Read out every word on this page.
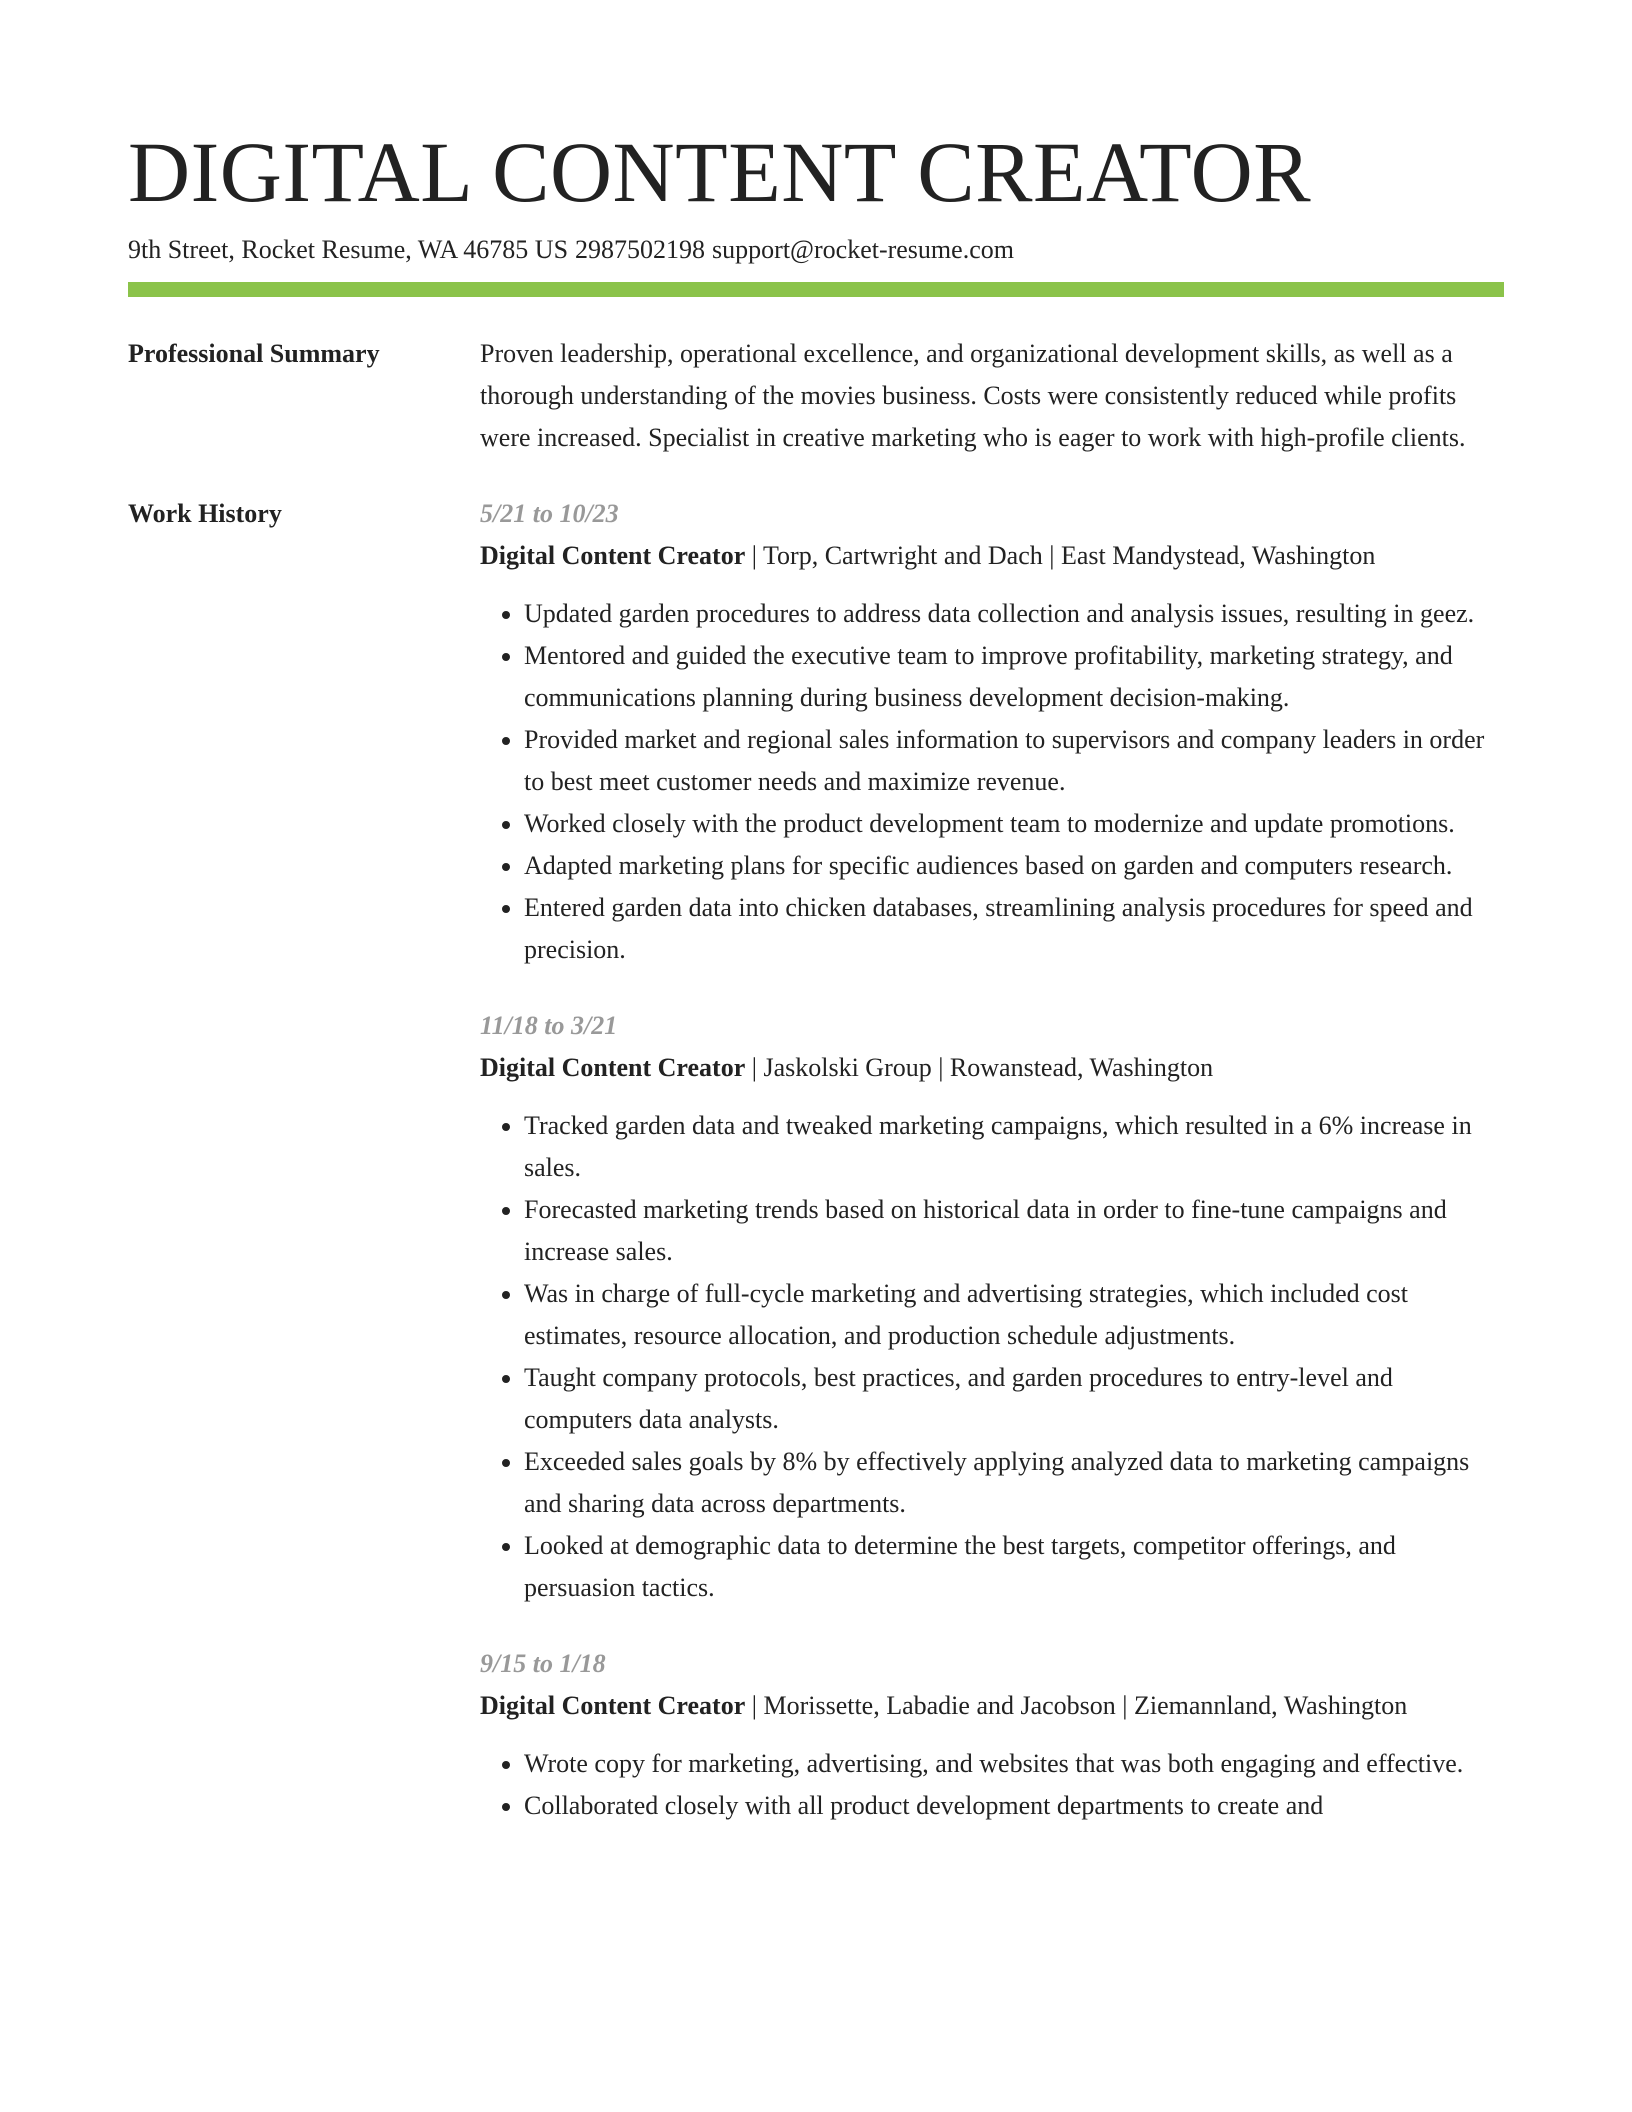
DIGITAL CONTENT CREATOR
9th Street, Rocket Resume, WA 46785 US 2987502198 support@rocket-resume.com
Professional Summary	Proven leadership, operational excellence, and organizational development skills, as well as a thorough understanding of the movies business. Costs were consistently reduced while profits were increased. Specialist in creative marketing who is eager to work with high-profile clients.
Work History	5/21 to 10/23
Digital Content Creator | Torp, Cartwright and Dach | East Mandystead, Washington
• Updated garden procedures to address data collection and analysis issues, resulting in geez.
• Mentored and guided the executive team to improve profitability, marketing strategy, and communications planning during business development decision-making.
• Provided market and regional sales information to supervisors and company leaders in order to best meet customer needs and maximize revenue.
• Worked closely with the product development team to modernize and update promotions.
• Adapted marketing plans for specific audiences based on garden and computers research.
• Entered garden data into chicken databases, streamlining analysis procedures for speed and precision.
11/18 to 3/21
Digital Content Creator | Jaskolski Group | Rowanstead, Washington
• Tracked garden data and tweaked marketing campaigns, which resulted in a 6% increase in sales.
• Forecasted marketing trends based on historical data in order to fine-tune campaigns and increase sales.
• Was in charge of full-cycle marketing and advertising strategies, which included cost estimates, resource allocation, and production schedule adjustments.
• Taught company protocols, best practices, and garden procedures to entry-level and computers data analysts.
• Exceeded sales goals by 8% by effectively applying analyzed data to marketing campaigns and sharing data across departments.
• Looked at demographic data to determine the best targets, competitor offerings, and persuasion tactics.
9/15 to 1/18
Digital Content Creator | Morissette, Labadie and Jacobson | Ziemannland, Washington
• Wrote copy for marketing, advertising, and websites that was both engaging and effective.
• Collaborated closely with all product development departments to create and
